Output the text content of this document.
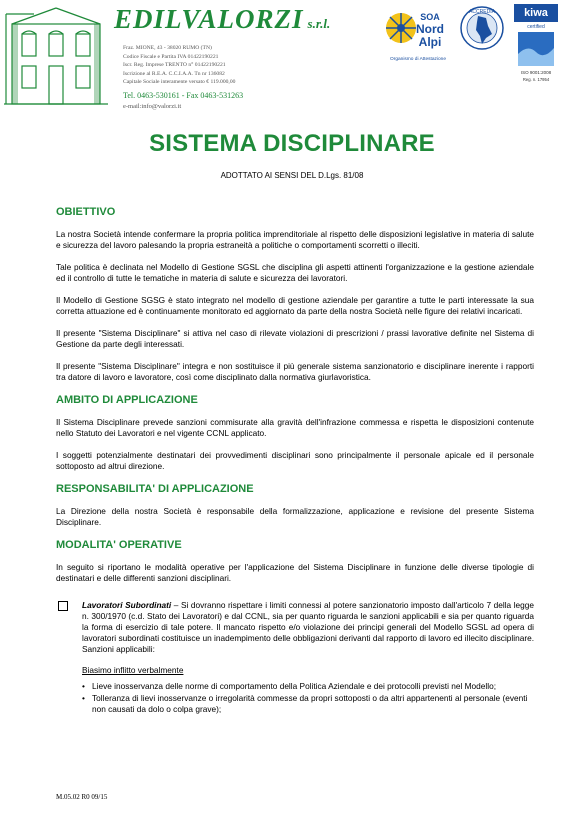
EDILVALORZI s.r.l.
Fraz. MIONE, 43 - 38020 RUMO (TN)
Codice Fiscale e Partita IVA 01422190221
Iscr. Reg. Imprese TRENTO n° 01422190221
Iscrizione al R.E.A. C.C.I.A.A. Tn nr 136082
Capitale Sociale interamente versato € 119.000,00
Tel. 0463-530161 - Fax 0463-531263
e-mail:info@valorzi.it
SOA
Nord
Alpi
Organismo di Attestazione
ACCREDIA	kiwa
certified
ISO 9001:2008
Reg. n. 17954
SISTEMA DISCIPLINARE
ADOTTATO AI SENSI DEL D.Lgs. 81/08
OBIETTIVO

La nostra Società intende confermare la propria politica imprenditoriale al rispetto delle disposizioni legislative in materia di salute e sicurezza del lavoro palesando la propria estraneità a politiche o comportamenti scorretti o illeciti.

Tale politica è declinata nel Modello di Gestione SGSL che disciplina gli aspetti attinenti l'organizzazione e la gestione aziendale ed il controllo di tutte le tematiche in materia di salute e sicurezza dei lavoratori.

Il Modello di Gestione SGSG è stato integrato nel modello di gestione aziendale per garantire a tutte le parti interessate la sua corretta attuazione ed è continuamente monitorato ed aggiornato da parte della nostra Società nelle figure dei relativi incaricati.

Il presente "Sistema Disciplinare" si attiva nel caso di rilevate violazioni di prescrizioni / prassi lavorative definite nel Sistema di Gestione da parte degli interessati.

Il presente "Sistema Disciplinare" integra e non sostituisce il più generale sistema sanzionatorio e disciplinare inerente i rapporti tra datore di lavoro e lavoratore, così come disciplinato dalla normativa giurlavoristica.

AMBITO DI APPLICAZIONE

Il Sistema Disciplinare prevede sanzioni commisurate alla gravità dell'infrazione commessa e rispetta le disposizioni contenute nello Statuto dei Lavoratori e nel vigente CCNL applicato.

I soggetti potenzialmente destinatari dei provvedimenti disciplinari sono principalmente il personale apicale ed il personale sottoposto ad altrui direzione.

RESPONSABILITA' DI APPLICAZIONE

La Direzione della nostra Società è responsabile della formalizzazione, applicazione e revisione del presente Sistema Disciplinare.

MODALITA' OPERATIVE

In seguito si riportano le modalità operative per l'applicazione del Sistema Disciplinare in funzione delle diverse tipologie di destinatari e delle differenti sanzioni disciplinari.

Lavoratori Subordinati – Si dovranno rispettare i limiti connessi al potere sanzionatorio imposto dall'articolo 7 della legge n. 300/1970 (c.d. Stato dei Lavoratori) e dal CCNL, sia per quanto riguarda le sanzioni applicabili e sia per quanto riguarda la forma di esercizio di tale potere. Il mancato rispetto e/o violazione dei principi generali del Modello SGSL ad opera di lavoratori subordinati costituisce un inadempimento delle obbligazioni derivanti dal rapporto di lavoro ed illecito disciplinare. Sanzioni applicabili:
Biasimo inflitto verbalmente
• Lieve inosservanza delle norme di comportamento della Politica Aziendale e dei protocolli previsti nel Modello;
• Tolleranza di lievi inosservanze o irregolarità commesse da propri sottoposti o da altri appartenenti al personale (eventi non causati da dolo o colpa grave);
M.05.02 R0 09/15
